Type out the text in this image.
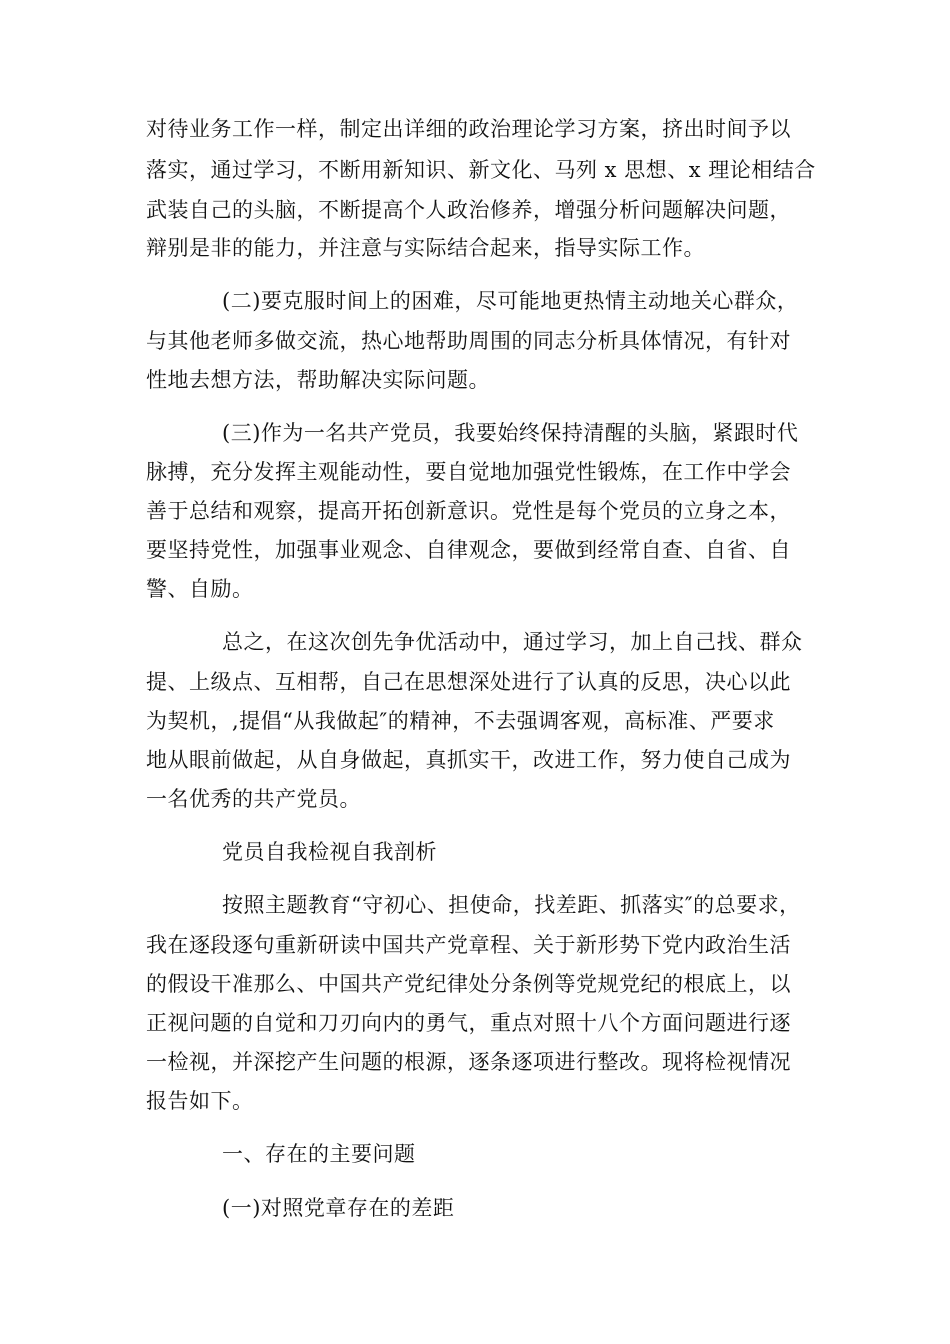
对待业务工作一样，制定出详细的政治理论学习方案，挤出时间予以
落实，通过学习，不断用新知识、新文化、马列 x 思想、x 理论相结合
武装自己的头脑，不断提高个人政治修养，增强分析问题解决问题，
辩别是非的能力，并注意与实际结合起来，指导实际工作。
(二)要克服时间上的困难，尽可能地更热情主动地关心群众，
与其他老师多做交流，热心地帮助周围的同志分析具体情况，有针对
性地去想方法，帮助解决实际问题。
(三)作为一名共产党员，我要始终保持清醒的头脑，紧跟时代
脉搏，充分发挥主观能动性，要自觉地加强党性锻炼，在工作中学会
善于总结和观察，提高开拓创新意识。党性是每个党员的立身之本，
要坚持党性，加强事业观念、自律观念，要做到经常自查、自省、自
警、自励。
总之，在这次创先争优活动中，通过学习，加上自己找、群众
提、上级点、互相帮，自己在思想深处进行了认真的反思，决心以此
为契机，,提倡“从我做起″的精神，不去强调客观，高标准、严要求
地从眼前做起，从自身做起，真抓实干，改进工作，努力使自己成为
一名优秀的共产党员。
党员自我检视自我剖析
按照主题教育“守初心、担使命，找差距、抓落实″的总要求，
我在逐段逐句重新研读中国共产党章程、关于新形势下党内政治生活
的假设干准那么、中国共产党纪律处分条例等党规党纪的根底上，以
正视问题的自觉和刀刃向内的勇气，重点对照十八个方面问题进行逐
一检视，并深挖产生问题的根源，逐条逐项进行整改。现将检视情况
报告如下。
一、存在的主要问题
(一)对照党章存在的差距
